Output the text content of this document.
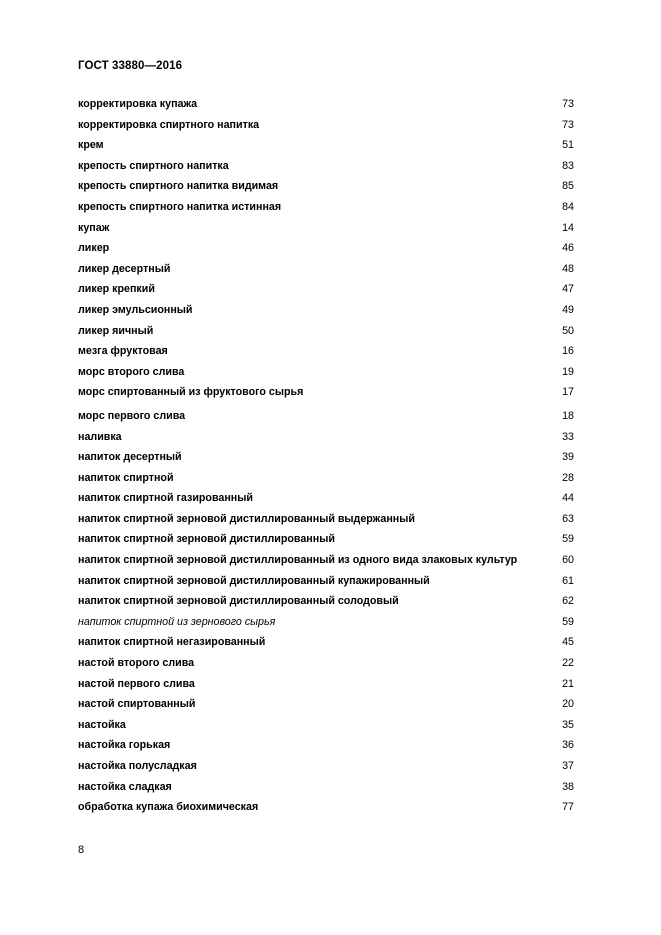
ГОСТ 33880—2016
корректировка купажа	73
корректировка спиртного напитка	73
крем	51
крепость спиртного напитка	83
крепость спиртного напитка видимая	85
крепость спиртного напитка истинная	84
купаж	14
ликер	46
ликер десертный	48
ликер крепкий	47
ликер эмульсионный	49
ликер яичный	50
мезга фруктовая	16
морс второго слива	19
морс спиртованный из фруктового сырья	17
морс первого слива	18
наливка	33
напиток десертный	39
напиток спиртной	28
напиток спиртной газированный	44
напиток спиртной зерновой дистиллированный выдержанный	63
напиток спиртной зерновой дистиллированный	59
напиток спиртной зерновой дистиллированный из одного вида злаковых культур	60
напиток спиртной зерновой дистиллированный купажированный	61
напиток спиртной зерновой дистиллированный солодовый	62
напиток спиртной из зернового сырья	59
напиток спиртной негазированный	45
настой второго слива	22
настой первого слива	21
настой спиртованный	20
настойка	35
настойка горькая	36
настойка полусладкая	37
настойка сладкая	38
обработка купажа биохимическая	77
8
